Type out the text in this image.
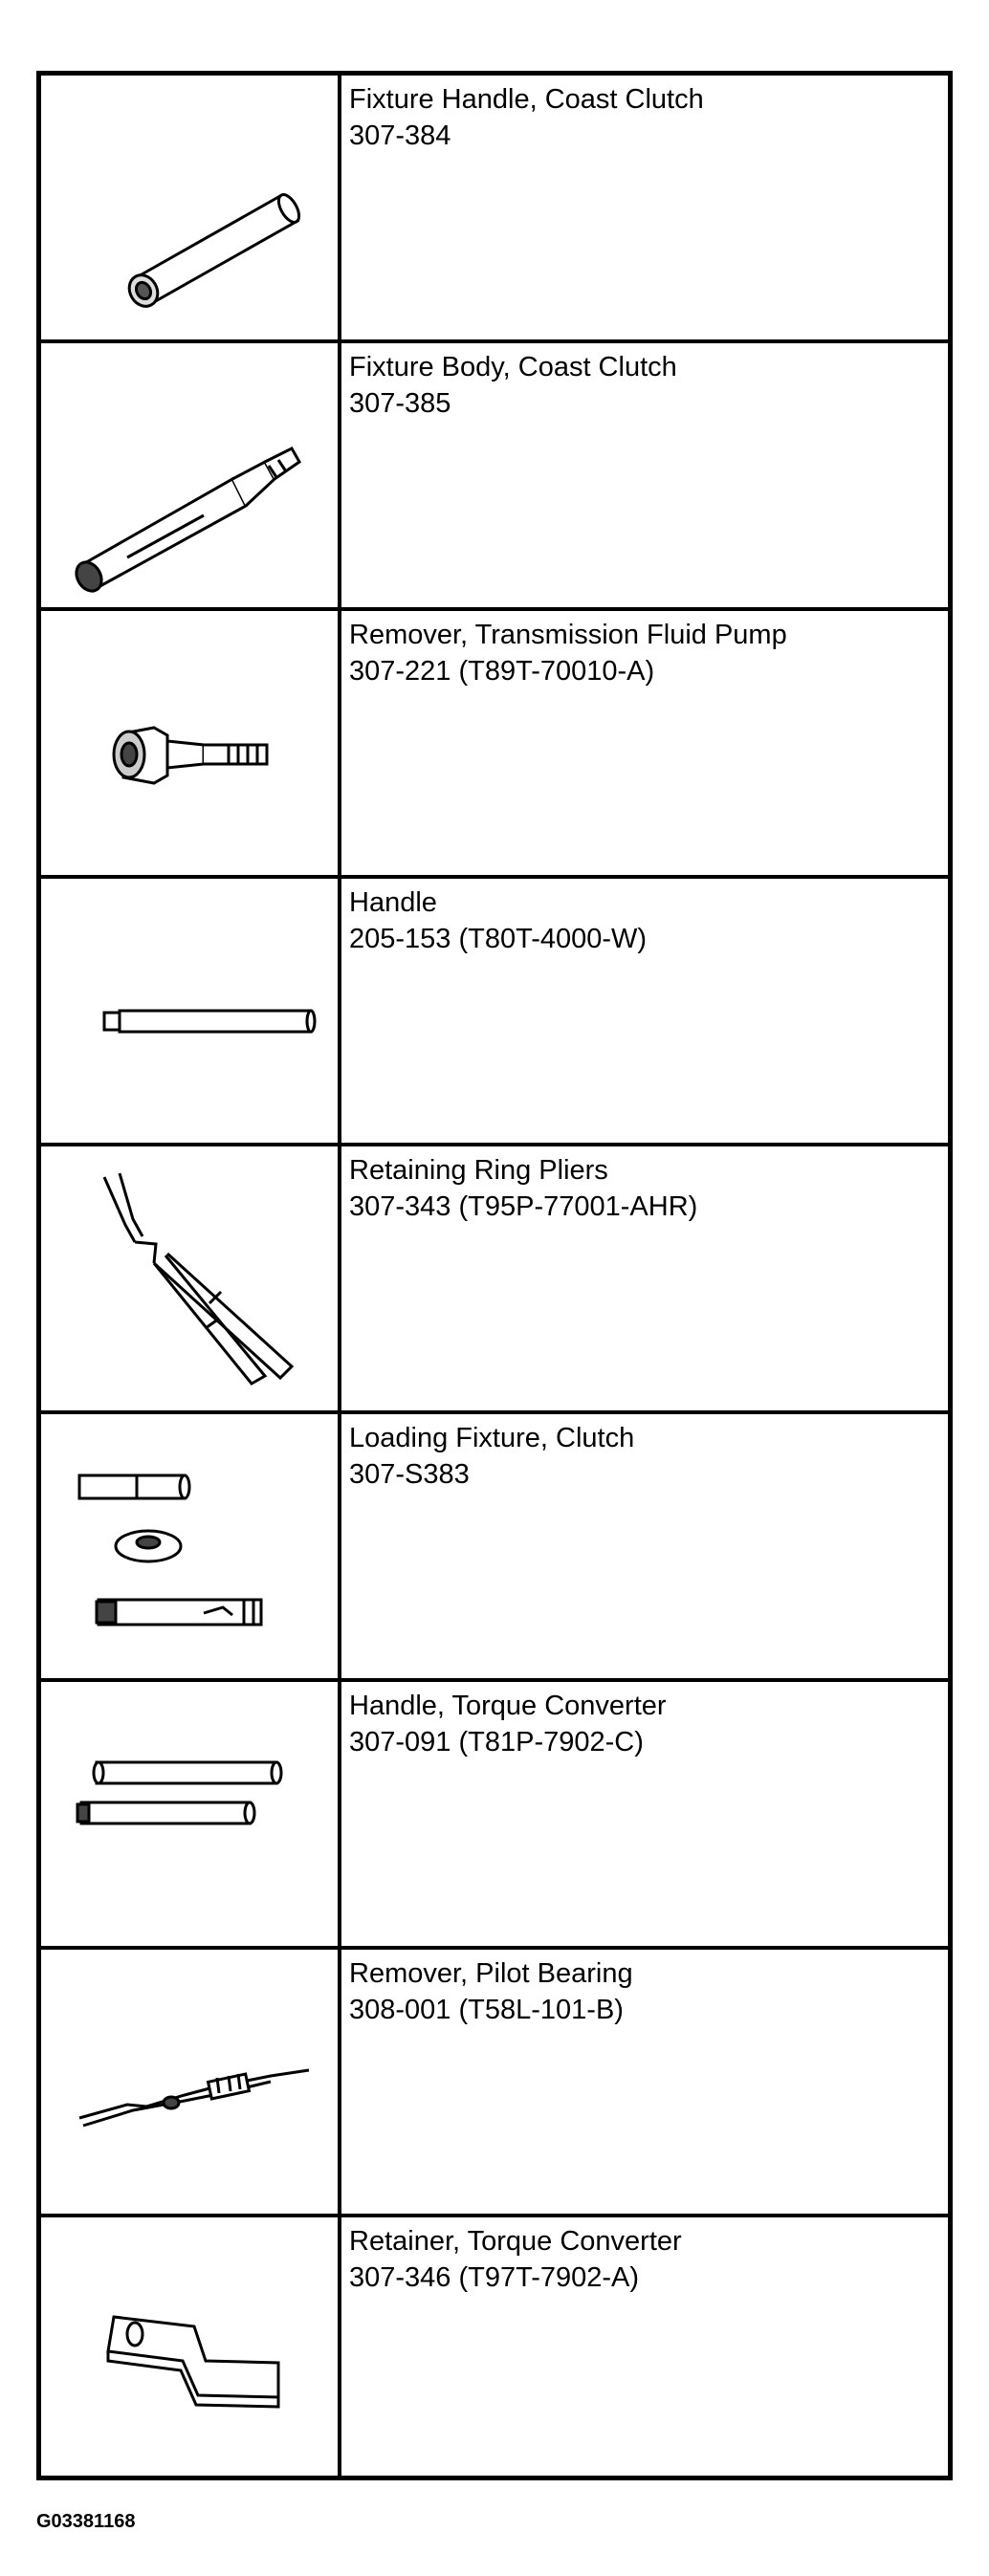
Fixture Handle, Coast Clutch
307-384
Fixture Body, Coast Clutch
307-385
Remover, Transmission Fluid Pump
307-221 (T89T-70010-A)
Handle
205-153 (T80T-4000-W)
Retaining Ring Pliers
307-343 (T95P-77001-AHR)
Loading Fixture, Clutch
307-S383
Handle, Torque Converter
307-091 (T81P-7902-C)
Remover, Pilot Bearing
308-001 (T58L-101-B)
Retainer, Torque Converter
307-346 (T97T-7902-A)
G03381168
